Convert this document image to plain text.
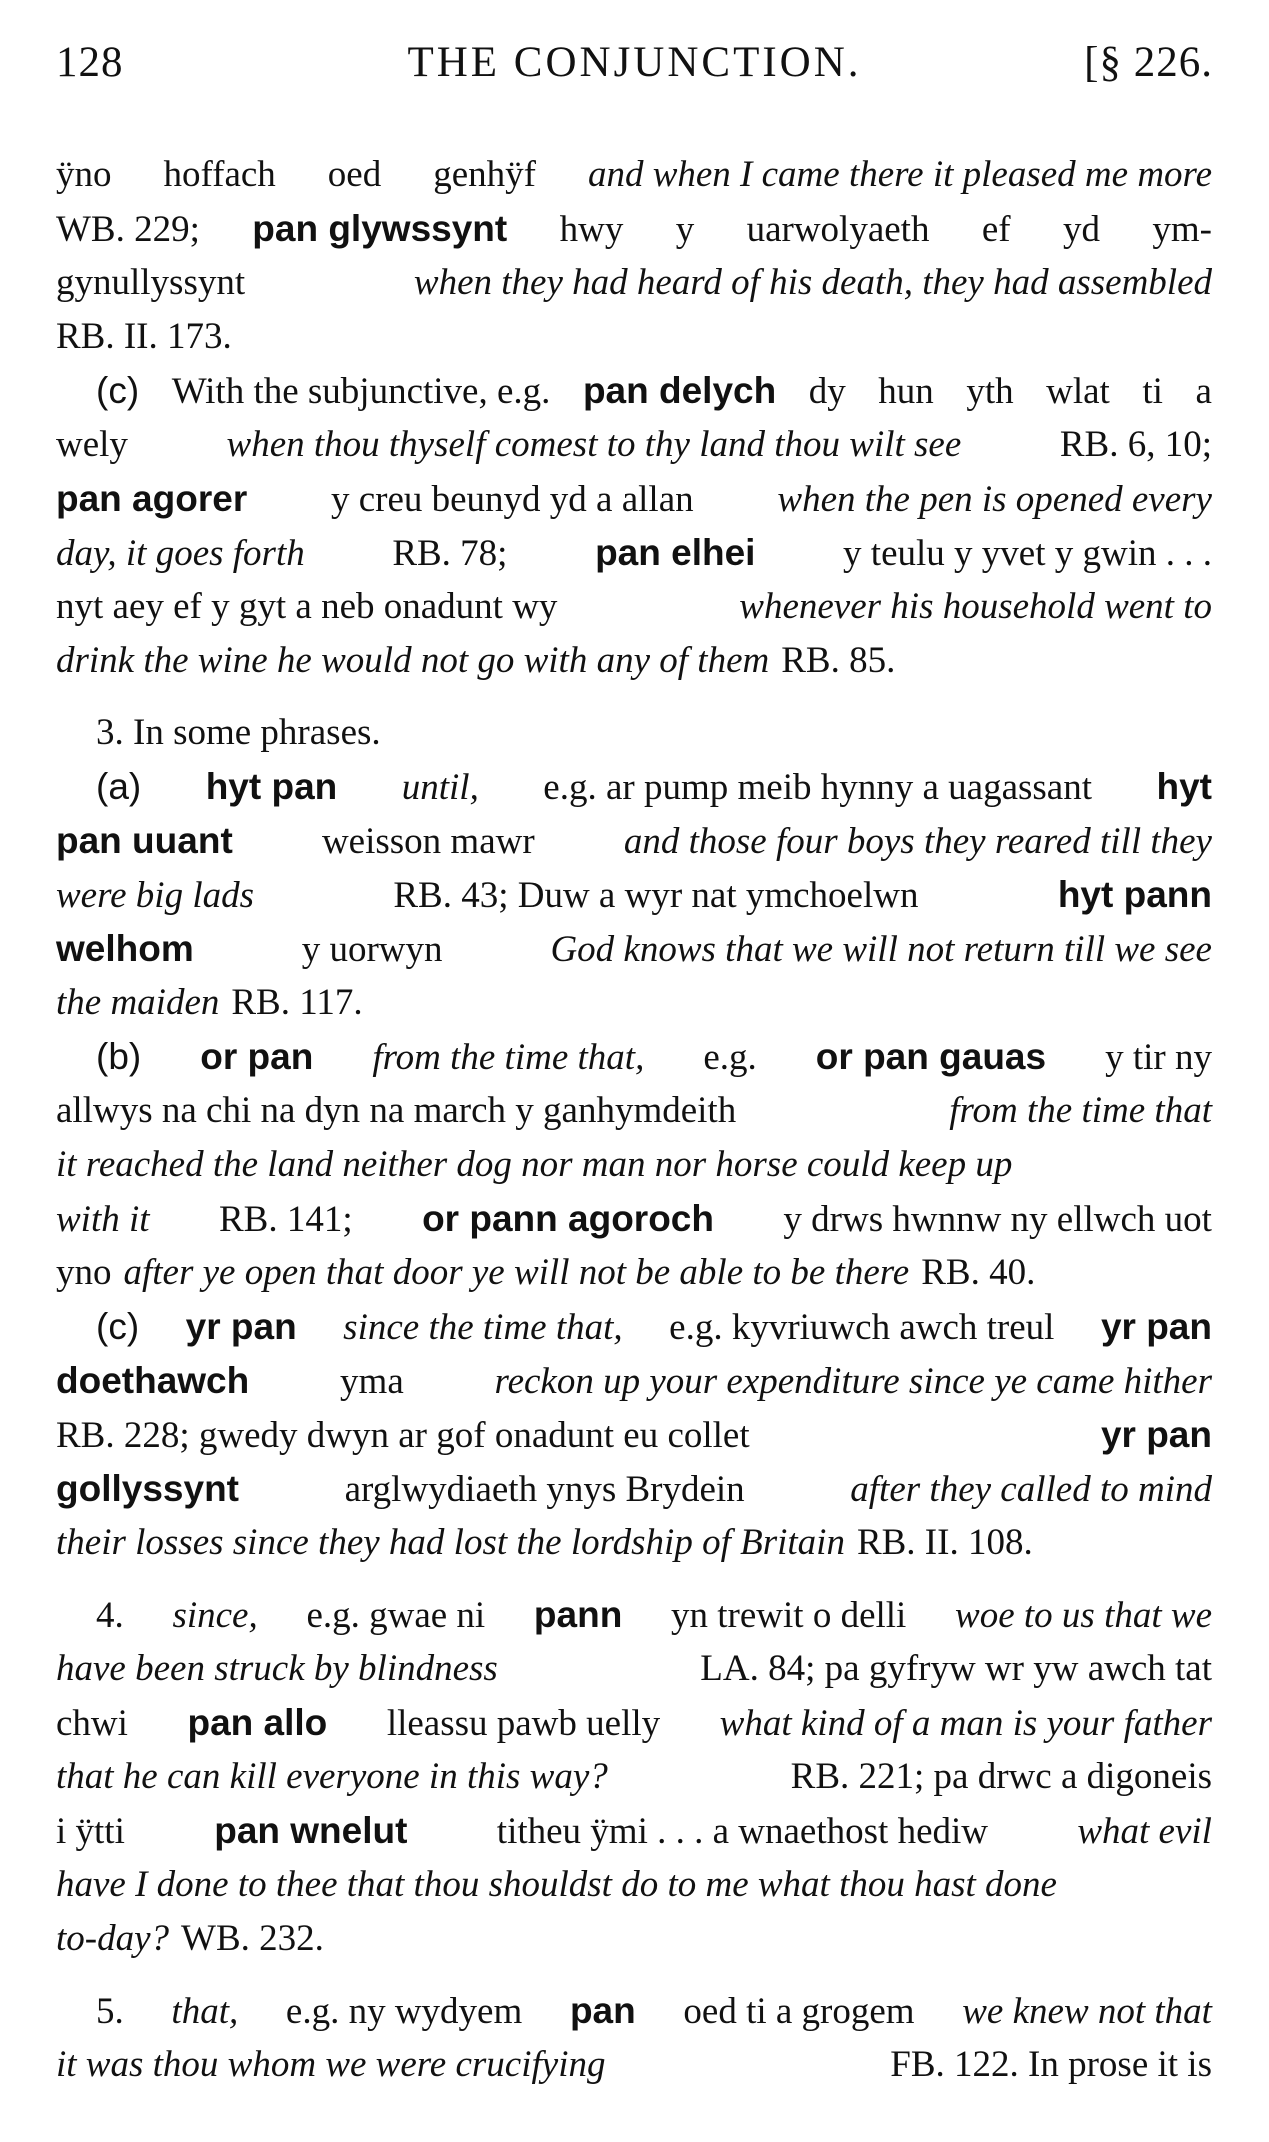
128	THE CONJUNCTION.	[§ 226.
ÿno hoffach oed genhÿf and when I came there it pleased me more
WB. 229; pan glywssynt hwy y uarwolyaeth ef yd ym-
gynullyssynt	when they had heard of his death, they had assembled
RB. II. 173.
(c) With the subjunctive, e.g. pan delych dy hun yth wlat ti a
wely	when thou thyself comest to thy land thou wilt see	RB. 6, 10;
pan agorer y creu beunyd yd a allan when the pen is opened every
day, it goes forth RB. 78; pan elhei y teulu y yvet y gwin . . .
nyt aey ef y gyt a neb onadunt wy	whenever his household went to
drink the wine he would not go with any of them RB. 85.
3. In some phrases.
(a) hyt pan until, e.g. ar pump meib hynny a uagassant hyt
pan uuant weisson mawr and those four boys they reared till they
were big lads	RB. 43; Duw a wyr nat ymchoelwn	hyt pann
welhom	y uorwyn	God knows that we will not return till we see
the maiden RB. 117.
(b) or pan from the time that, e.g. or pan gauas y tir ny
allwys na chi na dyn na march y ganhymdeith	from the time that
it reached the land neither dog nor man nor horse could keep up
with it RB. 141; or pann agoroch y drws hwnnw ny ellwch uot
yno after ye open that door ye will not be able to be there RB. 40.
(c) yr pan since the time that, e.g. kyvriuwch awch treul yr pan
doethawch yma reckon up your expenditure since ye came hither
RB. 228; gwedy dwyn ar gof onadunt eu collet	yr pan
gollyssynt	arglwydiaeth ynys Brydein	after they called to mind
their losses since they had lost the lordship of Britain RB. II. 108.
4. since, e.g. gwae ni pann yn trewit o delli woe to us that we
have been struck by blindness	LA. 84; pa gyfryw wr yw awch tat
chwi pan allo lleassu pawb uelly what kind of a man is your father
that he can kill everyone in this way?	RB. 221; pa drwc a digoneis
i ÿtti pan wnelut titheu ÿmi . . . a wnaethost hediw what evil
have I done to thee that thou shouldst do to me what thou hast done
to-day? WB. 232.
5. that, e.g. ny wydyem pan oed ti a grogem we knew not that
it was thou whom we were crucifying	FB. 122. In prose it is
